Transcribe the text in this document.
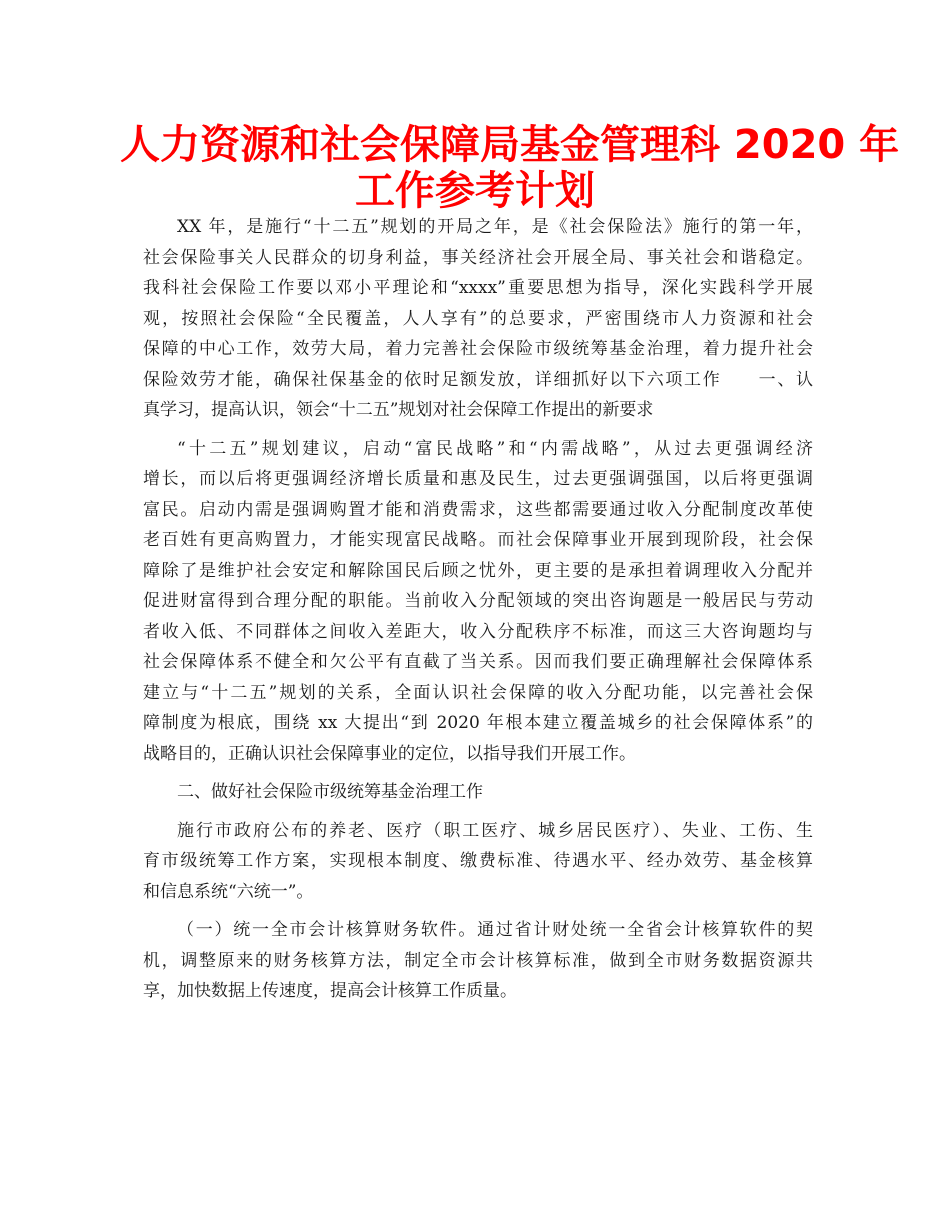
人力资源和社会保障局基金管理科 2020 年
工作参考计划
XX 年，是施行“十二五”规划的开局之年，是《社会保险法》施行的第一年，
社会保险事关人民群众的切身利益，事关经济社会开展全局、事关社会和谐稳定。
我科社会保险工作要以邓小平理论和“xxxx”重要思想为指导，深化实践科学开展
观，按照社会保险“全民覆盖，人人享有”的总要求，严密围绕市人力资源和社会
保障的中心工作，效劳大局，着力完善社会保险市级统筹基金治理，着力提升社会
保险效劳才能，确保社保基金的依时足额发放，详细抓好以下六项工作　　一、认
真学习，提高认识，领会“十二五”规划对社会保障工作提出的新要求
“十二五”规划建议，启动“富民战略”和“内需战略”，从过去更强调经济
增长，而以后将更强调经济增长质量和惠及民生，过去更强调强国，以后将更强调
富民。启动内需是强调购置才能和消费需求，这些都需要通过收入分配制度改革使
老百姓有更高购置力，才能实现富民战略。而社会保障事业开展到现阶段，社会保
障除了是维护社会安定和解除国民后顾之忧外，更主要的是承担着调理收入分配并
促进财富得到合理分配的职能。当前收入分配领域的突出咨询题是一般居民与劳动
者收入低、不同群体之间收入差距大，收入分配秩序不标准，而这三大咨询题均与
社会保障体系不健全和欠公平有直截了当关系。因而我们要正确理解社会保障体系
建立与“十二五”规划的关系，全面认识社会保障的收入分配功能，以完善社会保
障制度为根底，围绕 xx 大提出“到 2020 年根本建立覆盖城乡的社会保障体系”的
战略目的，正确认识社会保障事业的定位，以指导我们开展工作。
二、做好社会保险市级统筹基金治理工作
施行市政府公布的养老、医疗（职工医疗、城乡居民医疗）、失业、工伤、生
育市级统筹工作方案，实现根本制度、缴费标准、待遇水平、经办效劳、基金核算
和信息系统“六统一”。
（一）统一全市会计核算财务软件。通过省计财处统一全省会计核算软件的契
机，调整原来的财务核算方法，制定全市会计核算标准，做到全市财务数据资源共
享，加快数据上传速度，提高会计核算工作质量。
